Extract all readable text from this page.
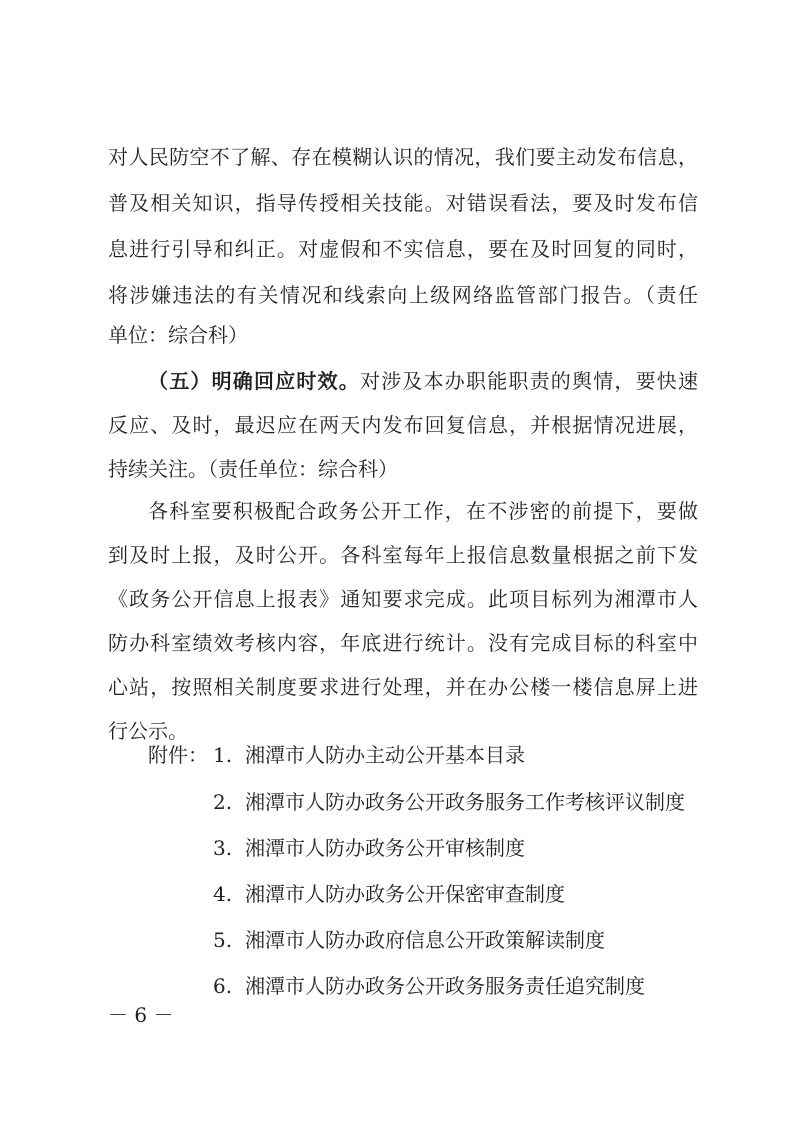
对人民防空不了解、存在模糊认识的情况，我们要主动发布信息，
普及相关知识，指导传授相关技能。对错误看法，要及时发布信
息进行引导和纠正。对虚假和不实信息，要在及时回复的同时，
将涉嫌违法的有关情况和线索向上级网络监管部门报告。（责任
单位：综合科）
（五）明确回应时效。对涉及本办职能职责的舆情，要快速
反应、及时，最迟应在两天内发布回复信息，并根据情况进展，
持续关注。（责任单位：综合科）
各科室要积极配合政务公开工作，在不涉密的前提下，要做
到及时上报，及时公开。各科室每年上报信息数量根据之前下发
《政务公开信息上报表》通知要求完成。此项目标列为湘潭市人
防办科室绩效考核内容，年底进行统计。没有完成目标的科室中
心站，按照相关制度要求进行处理，并在办公楼一楼信息屏上进
行公示。
附件： 1. 湘潭市人防办主动公开基本目录
2. 湘潭市人防办政务公开政务服务工作考核评议制度
3. 湘潭市人防办政务公开审核制度
4. 湘潭市人防办政务公开保密审查制度
5. 湘潭市人防办政府信息公开政策解读制度
6. 湘潭市人防办政务公开政务服务责任追究制度
－ 6 －
